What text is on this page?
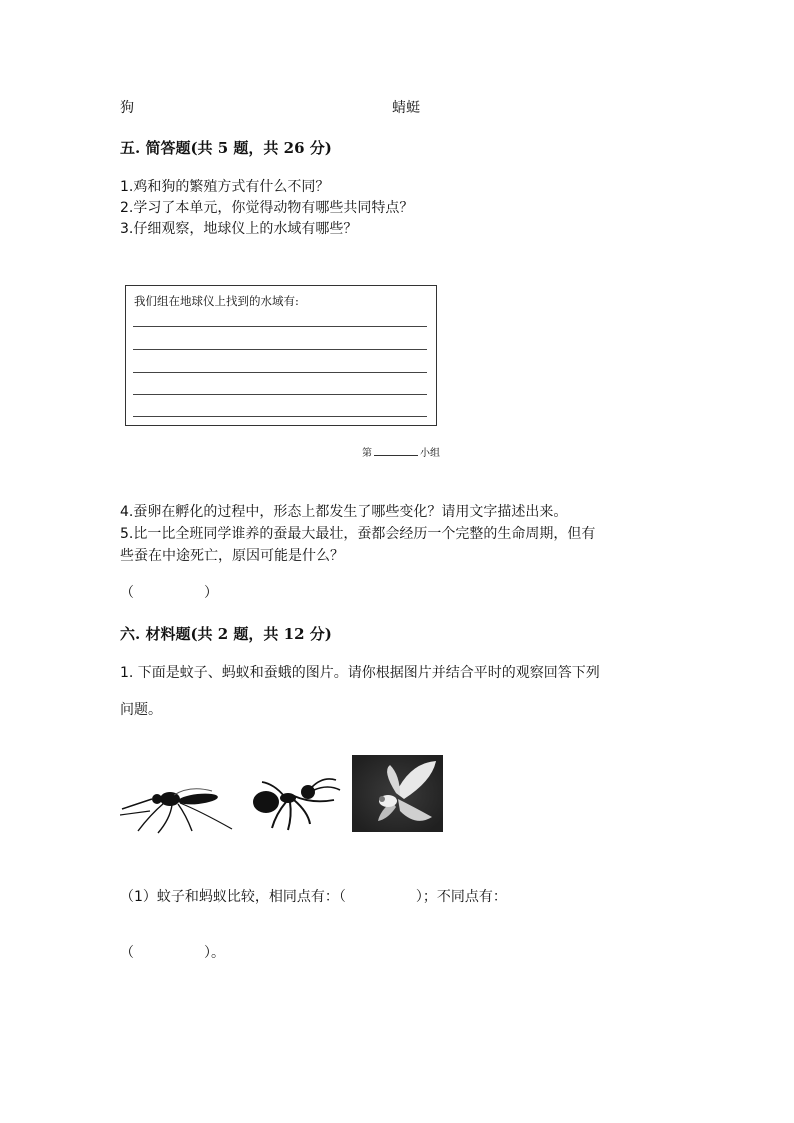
狗	蜻蜓
五. 简答题(共 5 题，共 26 分)
1.鸡和狗的繁殖方式有什么不同？
2.学习了本单元，你觉得动物有哪些共同特点？
3.仔细观察，地球仪上的水域有哪些？
我们组在地球仪上找到的水域有:
第	小组
4.蚕卵在孵化的过程中，形态上都发生了哪些变化？请用文字描述出来。
5.比一比全班同学谁养的蚕最大最壮，蚕都会经历一个完整的生命周期，但有
些蚕在中途死亡，原因可能是什么？
（　　　　　）
六. 材料题(共 2 题，共 12 分)
1. 下面是蚊子、蚂蚁和蚕蛾的图片。请你根据图片并结合平时的观察回答下列
问题。
（1）蚊子和蚂蚁比较，相同点有：（　　　　　）；不同点有：
（　　　　　）。
